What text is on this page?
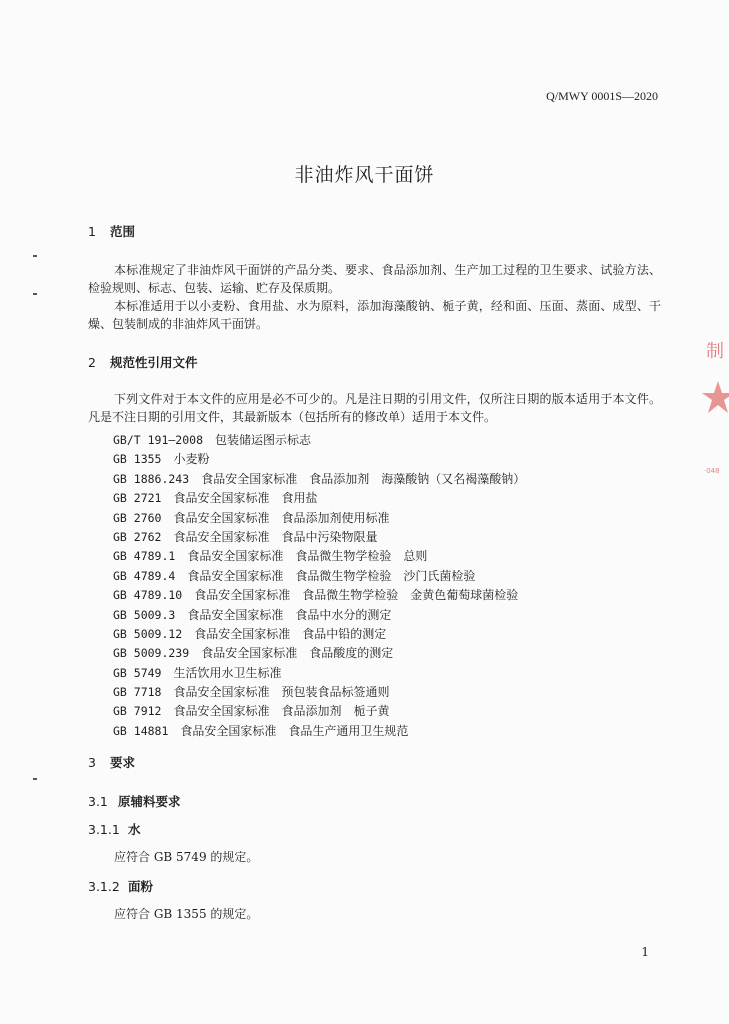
Q/MWY 0001S—2020
非油炸风干面饼
1 范围
本标准规定了非油炸风干面饼的产品分类、要求、食品添加剂、生产加工过程的卫生要求、试验方法、检验规则、标志、包装、运输、贮存及保质期。
本标准适用于以小麦粉、食用盐、水为原料，添加海藻酸钠、栀子黄，经和面、压面、蒸面、成型、干燥、包装制成的非油炸风干面饼。
2 规范性引用文件
下列文件对于本文件的应用是必不可少的。凡是注日期的引用文件，仅所注日期的版本适用于本文件。凡是不注日期的引用文件，其最新版本（包括所有的修改单）适用于本文件。
GB/T 191—2008　 包装储运图示标志
GB 1355　 小麦粉
GB 1886.243　 食品安全国家标准　食品添加剂　海藻酸钠（又名褐藻酸钠）
GB 2721　 食品安全国家标准　食用盐
GB 2760　 食品安全国家标准　食品添加剂使用标准
GB 2762　 食品安全国家标准　食品中污染物限量
GB 4789.1　 食品安全国家标准　食品微生物学检验　总则
GB 4789.4　 食品安全国家标准　食品微生物学检验　沙门氏菌检验
GB 4789.10　 食品安全国家标准　食品微生物学检验　金黄色葡萄球菌检验
GB 5009.3　 食品安全国家标准　食品中水分的测定
GB 5009.12　 食品安全国家标准　食品中铅的测定
GB 5009.239　 食品安全国家标准　食品酸度的测定
GB 5749　 生活饮用水卫生标准
GB 7718　 食品安全国家标准　预包装食品标签通则
GB 7912　 食品安全国家标准　食品添加剂　栀子黄
GB 14881　 食品安全国家标准　食品生产通用卫生规范
3 要求
3.1 原辅料要求
3.1.1 水
应符合 GB 5749 的规定。
3.1.2 面粉
应符合 GB 1355 的规定。
1
制
·048
